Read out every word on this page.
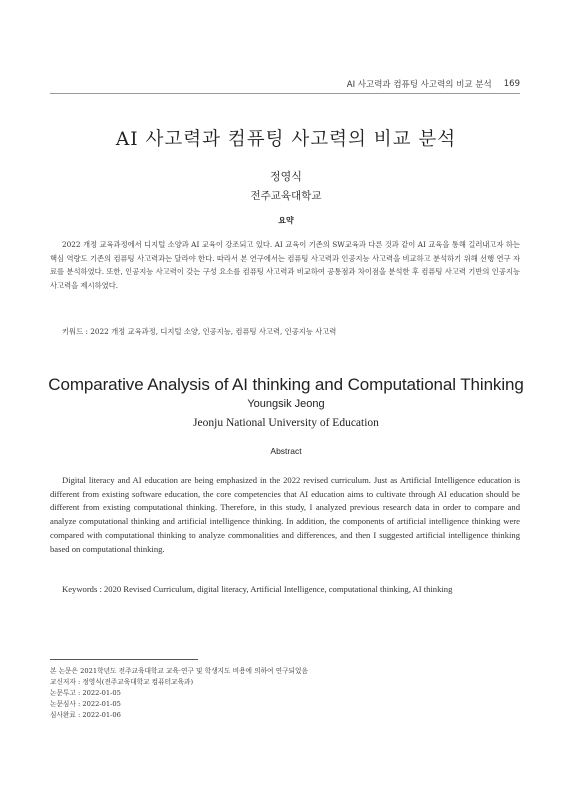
AI 사고력과 컴퓨팅 사고력의 비교 분석 169
AI 사고력과 컴퓨팅 사고력의 비교 분석
정영식
전주교육대학교
요약
2022 개정 교육과정에서 디지털 소양과 AI 교육이 강조되고 있다. AI 교육이 기존의 SW교육과 다른 것과 같이 AI 교육을 통해 길러내고자 하는 핵심 역량도 기존의 컴퓨팅 사고력과는 달라야 한다. 따라서 본 연구에서는 컴퓨팅 사고력과 인공지능 사고력을 비교하고 분석하기 위해 선행 연구 자료를 분석하였다. 또한, 인공지능 사고력이 갖는 구성 요소를 컴퓨팅 사고력과 비교하여 공통점과 차이점을 분석한 후 컴퓨팅 사고력 기반의 인공지능 사고력을 제시하였다.
키워드 : 2022 개정 교육과정, 디지털 소양, 인공지능, 컴퓨팅 사고력, 인공지능 사고력
Comparative Analysis of AI thinking and Computational Thinking
Youngsik Jeong
Jeonju National University of Education
Abstract
Digital literacy and AI education are being emphasized in the 2022 revised curriculum. Just as Artificial Intelligence education is different from existing software education, the core competencies that AI education aims to cultivate through AI education should be different from existing computational thinking. Therefore, in this study, I analyzed previous research data in order to compare and analyze computational thinking and artificial intelligence thinking. In addition, the components of artificial intelligence thinking were compared with computational thinking to analyze commonalities and differences, and then I suggested artificial intelligence thinking based on computational thinking.
Keywords : 2020 Revised Curriculum, digital literacy, Artificial Intelligence, computational thinking, AI thinking
본 논문은 2021학년도 전주교육대학교 교육·연구 및 학생지도 비용에 의하여 연구되었음
교신저자 : 정영식(전주교육대학교 컴퓨터교육과)
논문투고 : 2022-01-05
논문심사 : 2022-01-05
심사완료 : 2022-01-06
